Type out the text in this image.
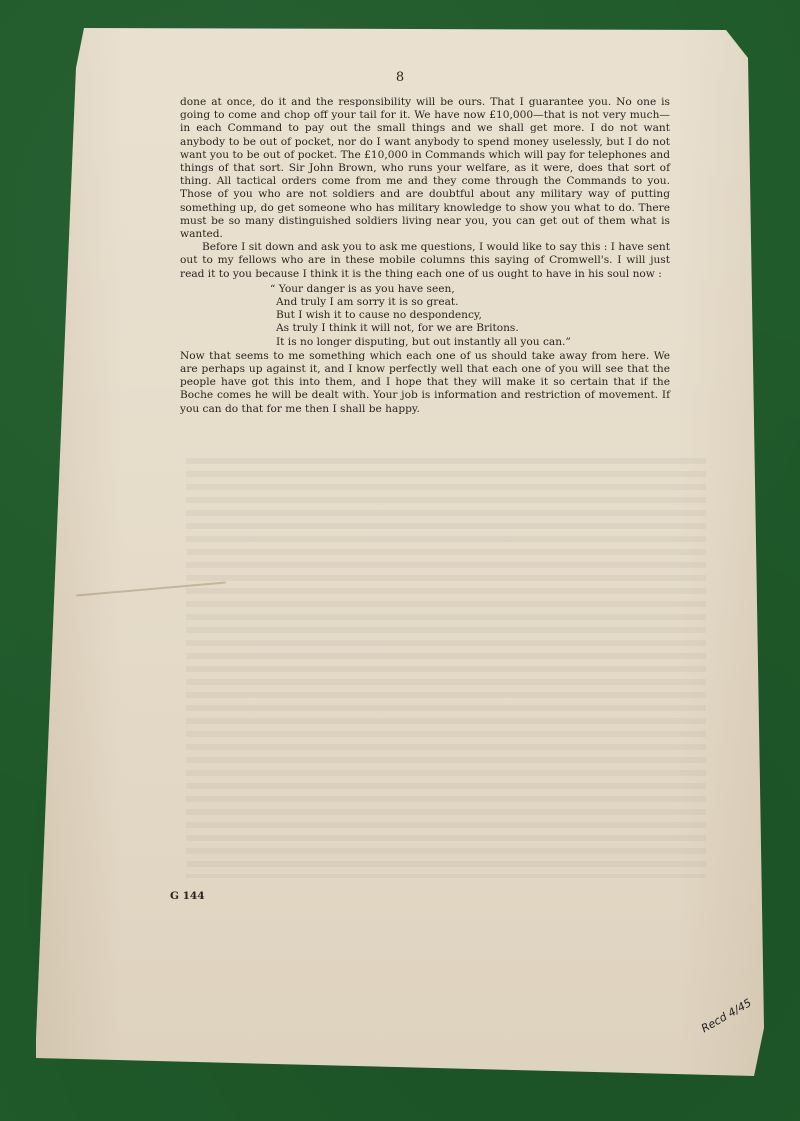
8

done at once, do it and the responsibility will be ours. That I guarantee you. No one is going to come and chop off your tail for it. We have now £10,000—that is not very much—in each Command to pay out the small things and we shall get more. I do not want anybody to be out of pocket, nor do I want anybody to spend money uselessly, but I do not want you to be out of pocket. The £10,000 in Commands which will pay for telephones and things of that sort. Sir John Brown, who runs your welfare, as it were, does that sort of thing. All tactical orders come from me and they come through the Commands to you. Those of you who are not soldiers and are doubtful about any military way of putting something up, do get someone who has military knowledge to show you what to do. There must be so many distinguished soldiers living near you, you can get out of them what is wanted.

Before I sit down and ask you to ask me questions, I would like to say this : I have sent out to my fellows who are in these mobile columns this saying of Cromwell's. I will just read it to you because I think it is the thing each one of us ought to have in his soul now :

“ Your danger is as you have seen,
And truly I am sorry it is so great.
But I wish it to cause no despondency,
As truly I think it will not, for we are Britons.
It is no longer disputing, but out instantly all you can.”

Now that seems to me something which each one of us should take away from here. We are perhaps up against it, and I know perfectly well that each one of you will see that the people have got this into them, and I hope that they will make it so certain that if the Boche comes he will be dealt with. Your job is information and restriction of movement. If you can do that for me then I shall be happy.

G 144

Recd 4/45
